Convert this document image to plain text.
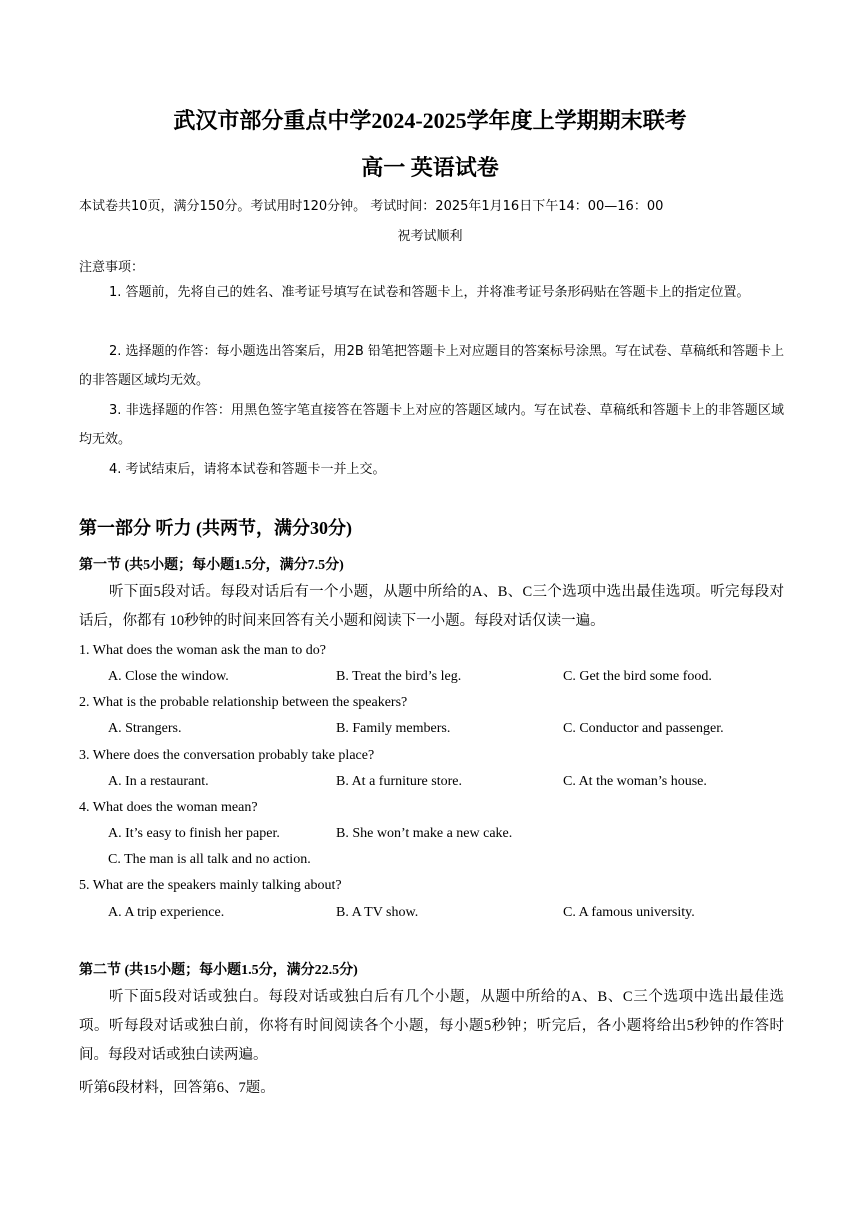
武汉市部分重点中学2024-2025学年度上学期期末联考
高一 英语试卷
本试卷共10页，满分150分。考试用时120分钟。 考试时间：2025年1月16日下午14：00—16：00
祝考试顺利
注意事项：
1. 答题前，先将自己的姓名、准考证号填写在试卷和答题卡上，并将准考证号条形码贴在答题卡上的指定位置。
2. 选择题的作答：每小题选出答案后，用2B 铅笔把答题卡上对应题目的答案标号涂黑。写在试卷、草稿纸和答题卡上的非答题区域均无效。
3. 非选择题的作答：用黑色签字笔直接答在答题卡上对应的答题区域内。写在试卷、草稿纸和答题卡上的非答题区域均无效。
4. 考试结束后，请将本试卷和答题卡一并上交。
第一部分 听力 (共两节，满分30分)
第一节 (共5小题；每小题1.5分，满分7.5分)
听下面5段对话。每段对话后有一个小题，从题中所给的A、B、C三个选项中选出最佳选项。听完每段对话后，你都有 10秒钟的时间来回答有关小题和阅读下一小题。每段对话仅读一遍。
1. What does the woman ask the man to do?
A. Close the window.	B. Treat the bird’s leg.	C. Get the bird some food.
2. What is the probable relationship between the speakers?
A. Strangers.	B. Family members.	C. Conductor and passenger.
3. Where does the conversation probably take place?
A. In a restaurant.	B. At a furniture store.	C. At the woman’s house.
4. What does the woman mean?
A. It’s easy to finish her paper.	B. She won’t make a new cake.
C. The man is all talk and no action.
5. What are the speakers mainly talking about?
A. A trip experience.	B. A TV show.	C. A famous university.
第二节 (共15小题；每小题1.5分，满分22.5分)
听下面5段对话或独白。每段对话或独白后有几个小题，从题中所给的A、B、C三个选项中选出最佳选项。听每段对话或独白前，你将有时间阅读各个小题，每小题5秒钟；听完后，各小题将给出5秒钟的作答时间。每段对话或独白读两遍。
听第6段材料，回答第6、7题。
